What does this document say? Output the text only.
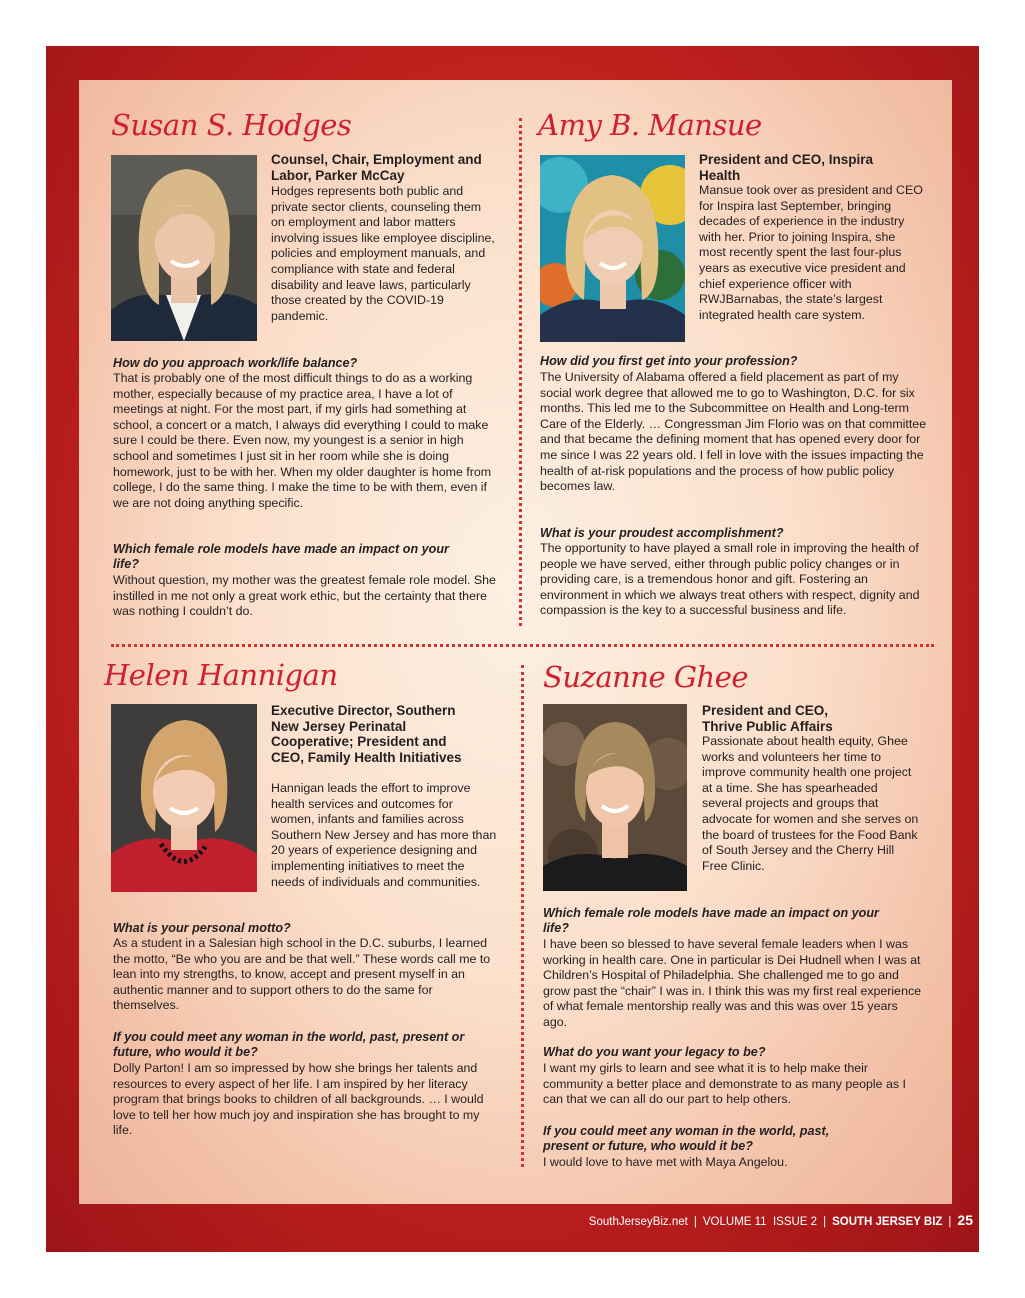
Susan S. Hodges
Counsel, Chair, Employment and Labor, Parker McCay
Hodges represents both public and private sector clients, counseling them on employment and labor matters involving issues like employee discipline, policies and employment manuals, and compliance with state and federal disability and leave laws, particularly those created by the COVID-19 pandemic.
How do you approach work/life balance?
That is probably one of the most difficult things to do as a working mother, especially because of my practice area, I have a lot of meetings at night. For the most part, if my girls had something at school, a concert or a match, I always did everything I could to make sure I could be there. Even now, my youngest is a senior in high school and sometimes I just sit in her room while she is doing homework, just to be with her. When my older daughter is home from college, I do the same thing. I make the time to be with them, even if we are not doing anything specific.
Which female role models have made an impact on your life?
Without question, my mother was the greatest female role model. She instilled in me not only a great work ethic, but the certainty that there was nothing I couldn’t do.
Amy B. Mansue
President and CEO, Inspira Health
Mansue took over as president and CEO for Inspira last September, bringing decades of experience in the industry with her. Prior to joining Inspira, she most recently spent the last four-plus years as executive vice president and chief experience officer with RWJBarnabas, the state’s largest integrated health care system.
How did you first get into your profession?
The University of Alabama offered a field placement as part of my social work degree that allowed me to go to Washington, D.C. for six months. This led me to the Subcommittee on Health and Long-term Care of the Elderly. … Congressman Jim Florio was on that committee and that became the defining moment that has opened every door for me since I was 22 years old. I fell in love with the issues impacting the health of at-risk populations and the process of how public policy becomes law.
What is your proudest accomplishment?
The opportunity to have played a small role in improving the health of people we have served, either through public policy changes or in providing care, is a tremendous honor and gift. Fostering an environment in which we always treat others with respect, dignity and compassion is the key to a successful business and life.
Helen Hannigan
Executive Director, Southern New Jersey Perinatal Cooperative; President and CEO, Family Health Initiatives
Hannigan leads the effort to improve health services and outcomes for women, infants and families across Southern New Jersey and has more than 20 years of experience designing and implementing initiatives to meet the needs of individuals and communities.
What is your personal motto?
As a student in a Salesian high school in the D.C. suburbs, I learned the motto, “Be who you are and be that well.” These words call me to lean into my strengths, to know, accept and present myself in an authentic manner and to support others to do the same for themselves.
If you could meet any woman in the world, past, present or future, who would it be?
Dolly Parton! I am so impressed by how she brings her talents and resources to every aspect of her life. I am inspired by her literacy program that brings books to children of all backgrounds. … I would love to tell her how much joy and inspiration she has brought to my life.
Suzanne Ghee
President and CEO, Thrive Public Affairs
Passionate about health equity, Ghee works and volunteers her time to improve community health one project at a time. She has spearheaded several projects and groups that advocate for women and she serves on the board of trustees for the Food Bank of South Jersey and the Cherry Hill Free Clinic.
Which female role models have made an impact on your life?
I have been so blessed to have several female leaders when I was working in health care. One in particular is Dei Hudnell when I was at Children’s Hospital of Philadelphia. She challenged me to go and grow past the “chair” I was in. I think this was my first real experience of what female mentorship really was and this was over 15 years ago.
What do you want your legacy to be?
I want my girls to learn and see what it is to help make their community a better place and demonstrate to as many people as I can that we can all do our part to help others.
If you could meet any woman in the world, past, present or future, who would it be?
I would love to have met with Maya Angelou.
SouthJerseyBiz.net | VOLUME 11  ISSUE 2 | SOUTH JERSEY BIZ | 25
